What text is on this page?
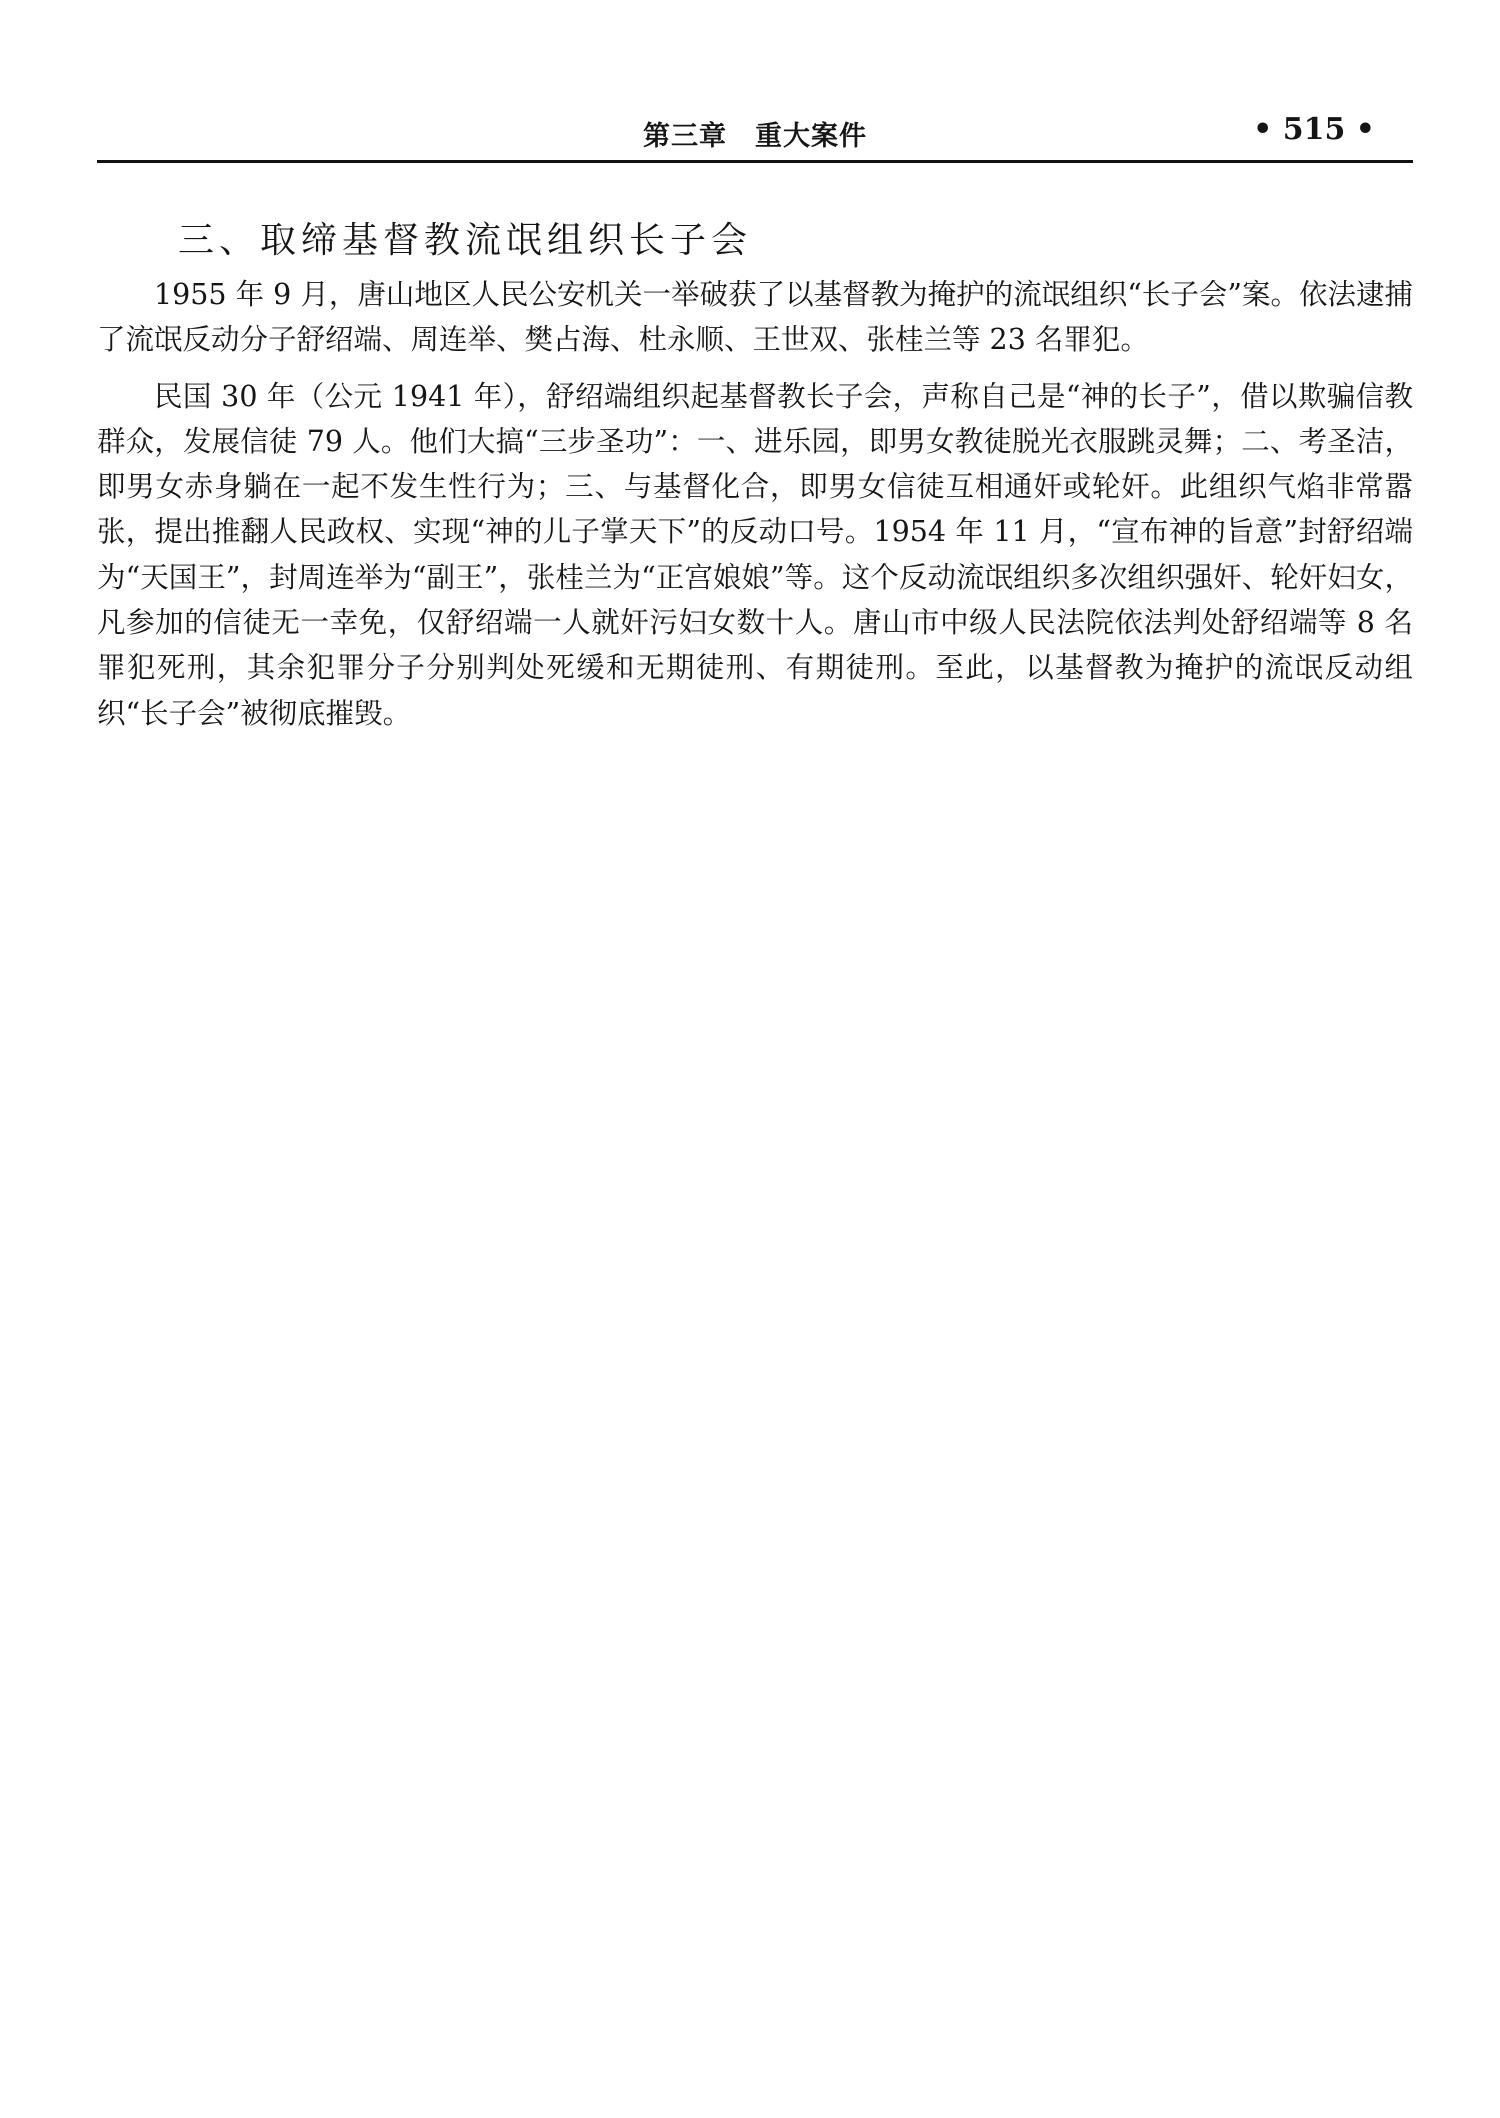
第三章　重大案件	• 515 •
三、取缔基督教流氓组织长子会

1955 年 9 月，唐山地区人民公安机关一举破获了以基督教为掩护的流氓组织“长子会”案。依法逮捕了流氓反动分子舒绍端、周连举、樊占海、杜永顺、王世双、张桂兰等 23 名罪犯。

民国 30 年（公元 1941 年），舒绍端组织起基督教长子会，声称自己是“神的长子”，借以欺骗信教群众，发展信徒 79 人。他们大搞“三步圣功”：一、进乐园，即男女教徒脱光衣服跳灵舞；二、考圣洁，即男女赤身躺在一起不发生性行为；三、与基督化合，即男女信徒互相通奸或轮奸。此组织气焰非常嚣张，提出推翻人民政权、实现“神的儿子掌天下”的反动口号。1954 年 11 月，“宣布神的旨意”封舒绍端为“天国王”，封周连举为“副王”，张桂兰为“正宫娘娘”等。这个反动流氓组织多次组织强奸、轮奸妇女，凡参加的信徒无一幸免，仅舒绍端一人就奸污妇女数十人。唐山市中级人民法院依法判处舒绍端等 8 名罪犯死刑，其余犯罪分子分别判处死缓和无期徒刑、有期徒刑。至此，以基督教为掩护的流氓反动组织“长子会”被彻底摧毁。
